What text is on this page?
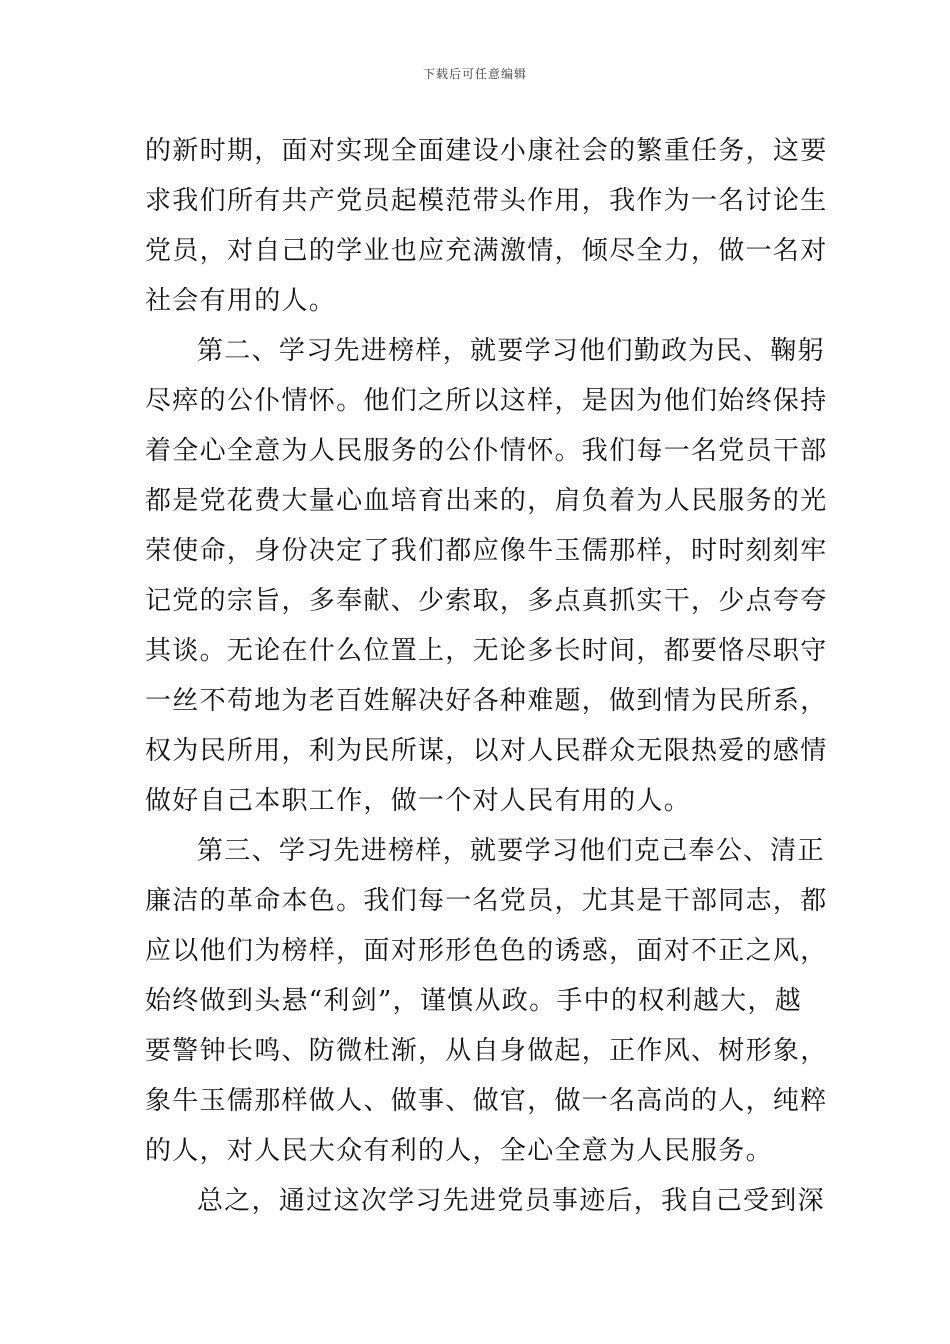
下载后可任意编辑
的新时期，面对实现全面建设小康社会的繁重任务，这要
求我们所有共产党员起模范带头作用，我作为一名讨论生
党员，对自己的学业也应充满激情，倾尽全力，做一名对
社会有用的人。
第二、学习先进榜样，就要学习他们勤政为民、鞠躬
尽瘁的公仆情怀。他们之所以这样，是因为他们始终保持
着全心全意为人民服务的公仆情怀。我们每一名党员干部
都是党花费大量心血培育出来的，肩负着为人民服务的光
荣使命，身份决定了我们都应像牛玉儒那样，时时刻刻牢
记党的宗旨，多奉献、少索取，多点真抓实干，少点夸夸
其谈。无论在什么位置上，无论多长时间，都要恪尽职守
一丝不苟地为老百姓解决好各种难题，做到情为民所系，
权为民所用，利为民所谋，以对人民群众无限热爱的感情
做好自己本职工作，做一个对人民有用的人。
第三、学习先进榜样，就要学习他们克己奉公、清正
廉洁的革命本色。我们每一名党员，尤其是干部同志，都
应以他们为榜样，面对形形色色的诱惑，面对不正之风，
始终做到头悬“利剑”，谨慎从政。手中的权利越大，越
要警钟长鸣、防微杜渐，从自身做起，正作风、树形象，
象牛玉儒那样做人、做事、做官，做一名高尚的人，纯粹
的人，对人民大众有利的人，全心全意为人民服务。
总之，通过这次学习先进党员事迹后，我自己受到深
